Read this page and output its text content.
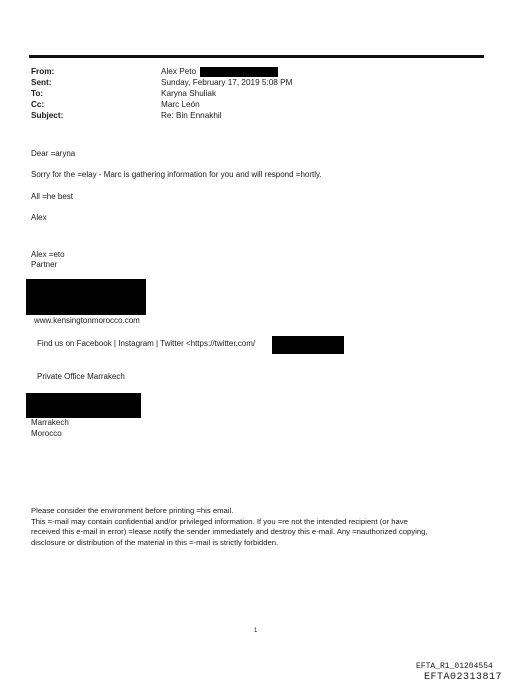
From:	Alex Peto
Sent:	Sunday, February 17, 2019 5:08 PM
To:	Karyna Shuliak
Cc:	Marc León
Subject:	Re: Bin Ennakhil
Dear =aryna
Sorry for the =elay - Marc is gathering information for you and will respond =hortly.
All =he best
Alex
Alex =eto
Partner
www.kensingtonmorocco.com
Find us on Facebook | Instagram | Twitter <https://twitter.com/
Private Office Marrakech
Marrakech
Morocco
Please consider the environment before printing =his email.
This =-mail may contain confidential and/or privileged information. If you =re not the intended recipient (or have
received this e-mail in error) =lease notify the sender immediately and destroy this e-mail. Any =nauthorized copying,
disclosure or distribution of the material in this =-mail is strictly forbidden.
1
EFTA_R1_01204554
EFTA02313817
